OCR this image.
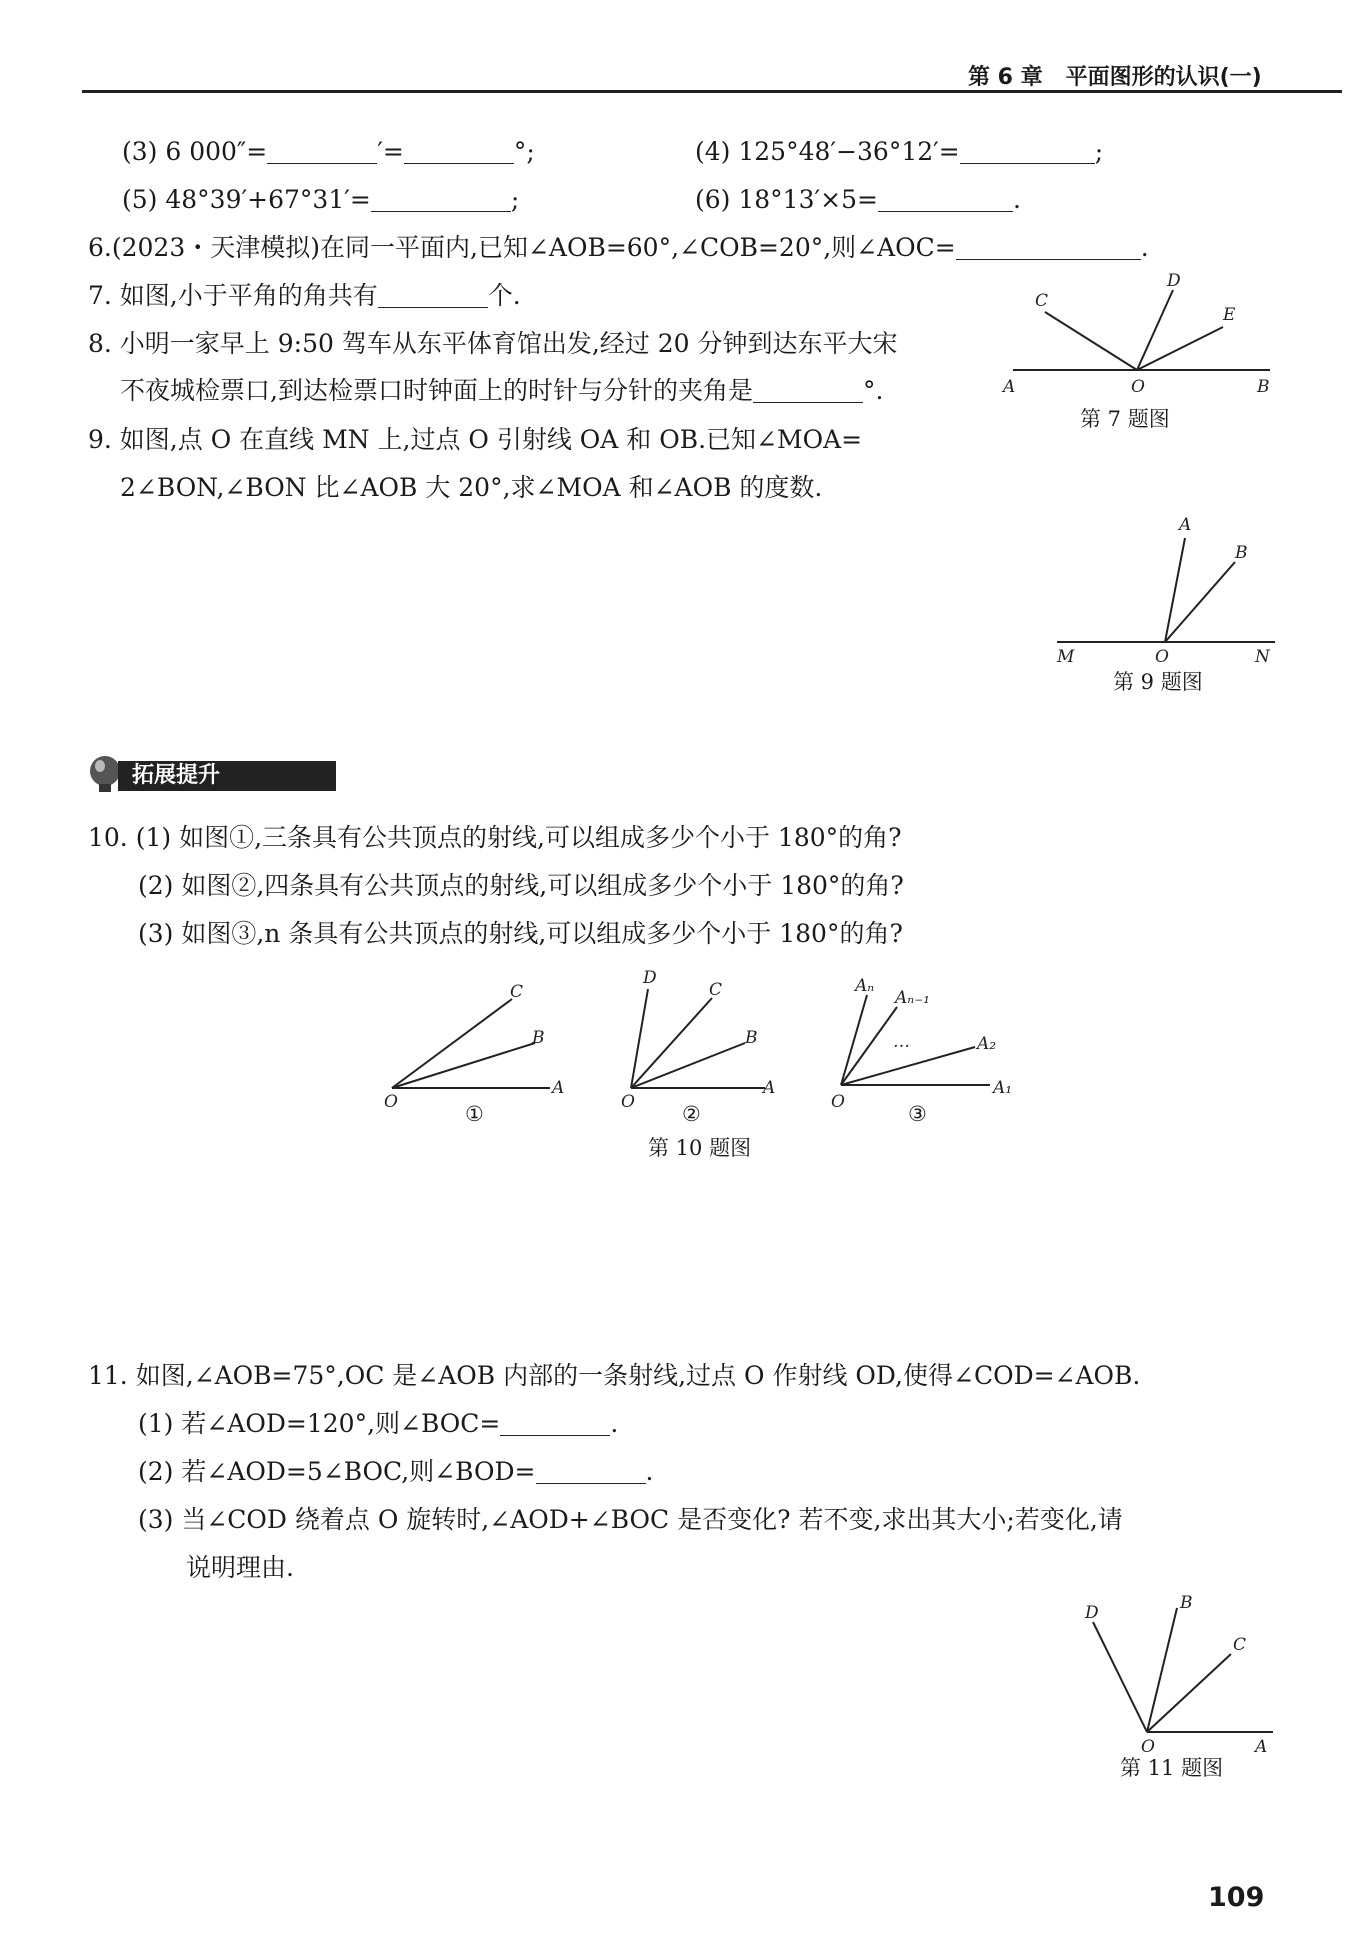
第 6 章 平面图形的认识(一)
(3) 6 000″=	′=	°;	(4) 125°48′−36°12′=	;
(5) 48°39′+67°31′=	;	(6) 18°13′×5=	.
6.(2023・天津模拟)在同一平面内,已知∠AOB=60°,∠COB=20°,则∠AOC=	.
7. 如图,小于平角的角共有	个.
8. 小明一家早上 9:50 驾车从东平体育馆出发,经过 20 分钟到达东平大宋
不夜城检票口,到达检票口时钟面上的时针与分针的夹角是	°.
9. 如图,点 O 在直线 MN 上,过点 O 引射线 OA 和 OB.已知∠MOA=
2∠BON,∠BON 比∠AOB 大 20°,求∠MOA 和∠AOB 的度数.
A	O	B
C
D
E
第 7 题图
M	O	N
A
B
第 9 题图
拓展提升
10. (1) 如图①,三条具有公共顶点的射线,可以组成多少个小于 180°的角?
(2) 如图②,四条具有公共顶点的射线,可以组成多少个小于 180°的角?
(3) 如图③,n 条具有公共顶点的射线,可以组成多少个小于 180°的角?
O
A
B
C
①	O
A
B
C
D
②	O
A₁
A₂
Aₙ₋₁
Aₙ
…
③
第 10 题图
11. 如图,∠AOB=75°,OC 是∠AOB 内部的一条射线,过点 O 作射线 OD,使得∠COD=∠AOB.
(1) 若∠AOD=120°,则∠BOC=	.
(2) 若∠AOD=5∠BOC,则∠BOD=	.
(3) 当∠COD 绕着点 O 旋转时,∠AOD+∠BOC 是否变化? 若不变,求出其大小;若变化,请
说明理由.
D	B
C
O	A
第 11 题图
109
